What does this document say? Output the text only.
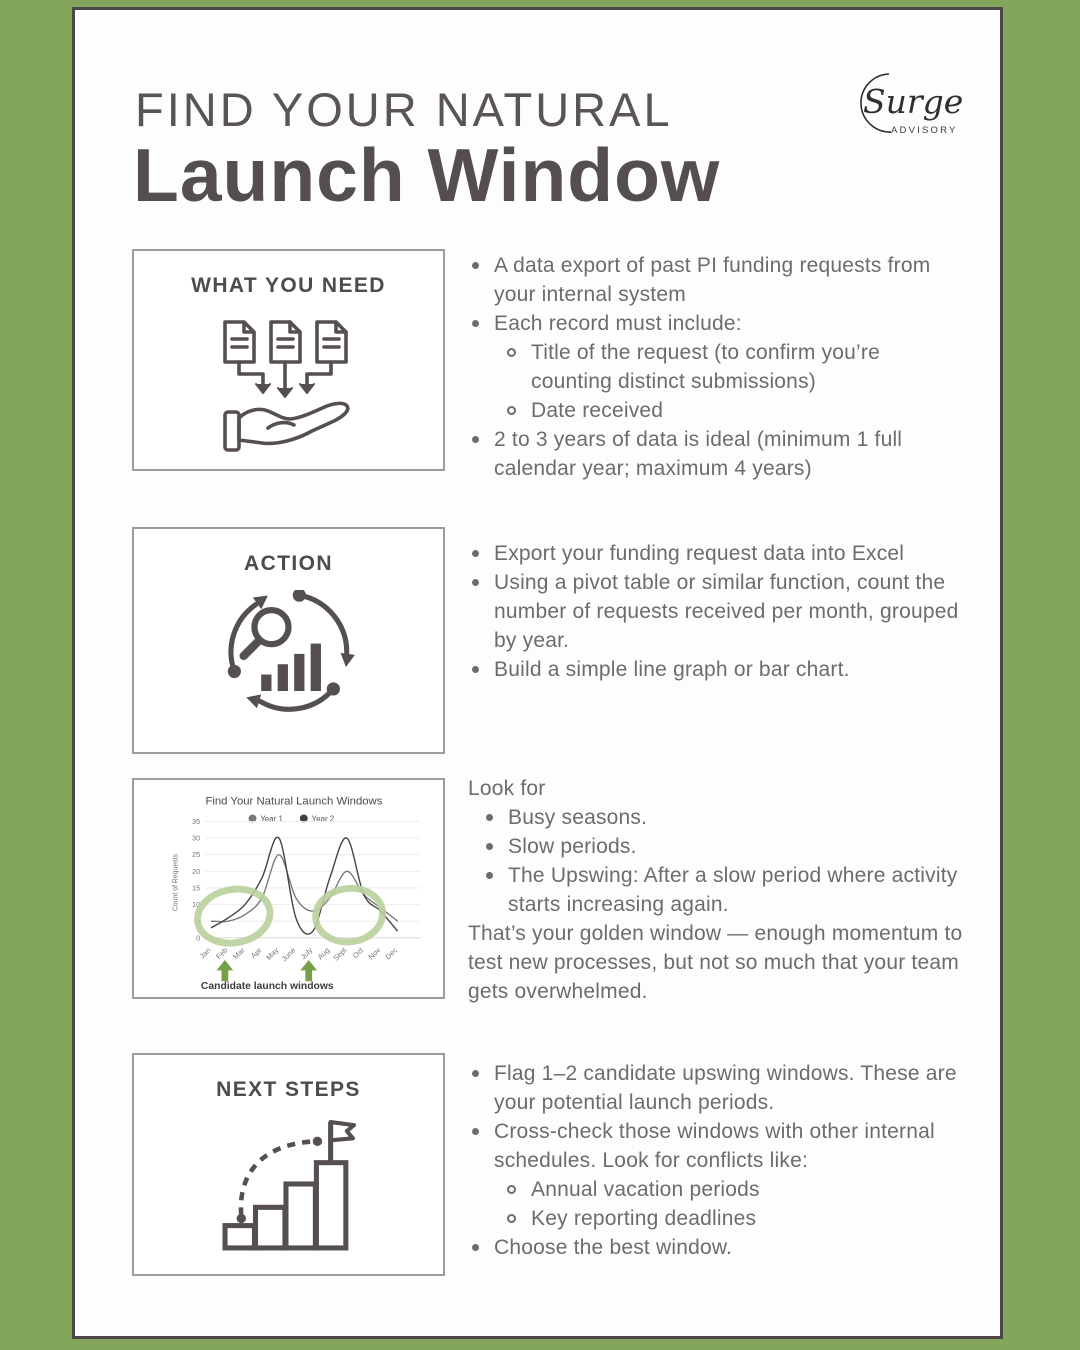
FIND YOUR NATURAL
Launch Window
Surge
ADVISORY
WHAT YOU NEED
ACTION
Find Your Natural Launch Windows
Year 1	Year 2
Count of Requests
0
5
10
15
20
25
30
35
Jan Feb Mar Apr May June July Aug Sept Oct Nov Dec
Candidate launch windows
NEXT STEPS
A data export of past PI funding requests from your internal system
Each record must include:
Title of the request (to confirm you’re counting distinct submissions)
Date received
2 to 3 years of data is ideal (minimum 1 full calendar year; maximum 4 years)
Export your funding request data into Excel
Using a pivot table or similar function, count the number of requests received per month, grouped by year.
Build a simple line graph or bar chart.

Look for

Busy seasons.
Slow periods.
The Upswing: After a slow period where activity starts increasing again.

That’s your golden window — enough momentum to test new processes, but not so much that your team gets overwhelmed.

Flag 1–2 candidate upswing windows. These are your potential launch periods.
Cross-check those windows with other internal schedules. Look for conflicts like:
Annual vacation periods
Key reporting deadlines
Choose the best window.
